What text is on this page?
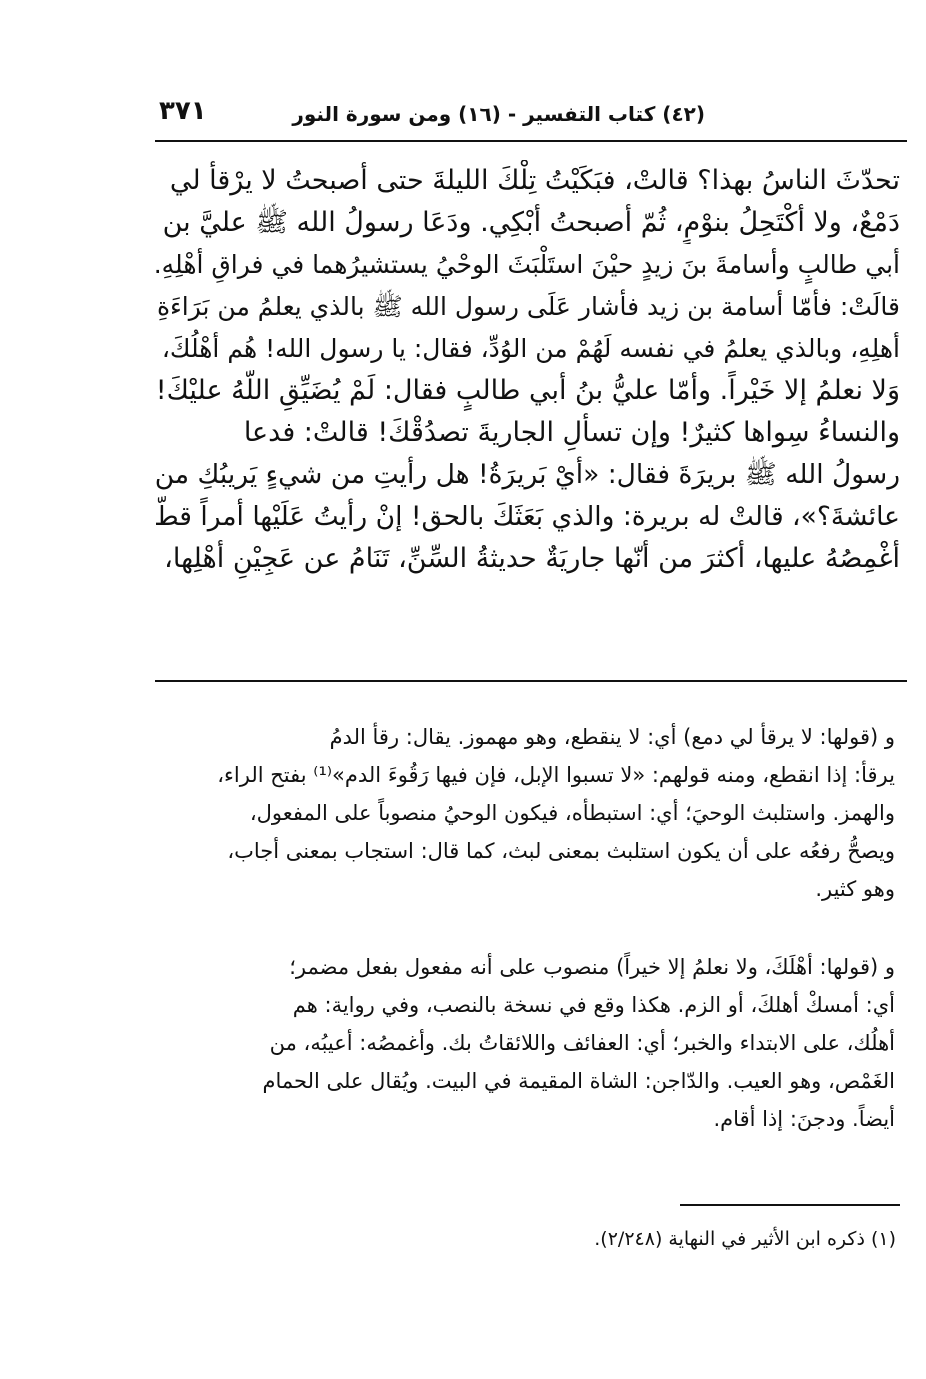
٣٧١	(٤٢) كتاب التفسير - (١٦) ومن سورة النور

تحدّثَ الناسُ بهذا؟ قالتْ، فبَكَيْتُ تِلْكَ الليلةَ حتى أصبحتُ لا يرْقأ لي

دَمْعٌ، ولا أكْتَحِلُ بنوْمٍ، ثُمّ أصبحتُ أبْكِي. ودَعَا رسولُ الله ﷺ عليَّ بن

أبي طالبٍ وأسامةَ بنَ زيدٍ حيْنَ استَلْبَثَ الوحْيُ يستشيرُهما في فراقِ أهْلِهِ.

قالَتْ: فأمّا أسامة بن زيد فأشار عَلَى رسول الله ﷺ بالذي يعلمُ من بَرَاءَةِ

أهلِهِ، وبالذي يعلمُ في نفسه لَهُمْ من الوُدِّ، فقال: يا رسول الله! هُم أهْلُكَ،

وَلا نعلمُ إلا خَيْراً. وأمّا عليُّ بنُ أبي طالبٍ فقال: لَمْ يُضَيِّقِ اللّهُ عليْكَ!

والنساءُ سِواها كثيرٌ! وإن تسألِ الجاريةَ تصدُقْكَ! قالتْ: فدعا

رسولُ الله ﷺ بريرَةَ فقال: «أيْ بَريرَةُ! هل رأيتِ من شيءٍ يَريبُكِ من

عائشةَ؟»، قالتْ له بريرة: والذي بَعَثَكَ بالحق! إنْ رأيتُ عَلَيْها أمراً قطُّ

أغْمِصُهُ عليها، أكثرَ من أنّها جاريَةٌ حديثةُ السِّنِّ، تَنَامُ عن عَجِيْنِ أهْلِها،

و (قولها: لا يرقأ لي دمع) أي: لا ينقطع، وهو مهموز. يقال: رقأ الدمُ

يرقأ: إذا انقطع، ومنه قولهم: «لا تسبوا الإبل، فإن فيها رَقُوءَ الدم»⁽¹⁾ بفتح الراء،

والهمز. واستلبث الوحيَ؛ أي: استبطأه، فيكون الوحيُ منصوباً على المفعول،

ويصحُّ رفعُه على أن يكون استلبث بمعنى لبث، كما قال: استجاب بمعنى أجاب،

وهو كثير.

و (قولها: أهْلَكَ، ولا نعلمُ إلا خيراً) منصوب على أنه مفعول بفعل مضمر؛

أي: أمسكْ أهلكَ، أو الزم. هكذا وقع في نسخة بالنصب، وفي رواية: هم

أهلُك، على الابتداء والخبر؛ أي: العفائف واللائقاتُ بك. وأغمصُه: أعيبُه، من

الغَمْص، وهو العيب. والدّاجن: الشاة المقيمة في البيت. ويُقال على الحمام

أيضاً. ودجنَ: إذا أقام.

(١) ذكره ابن الأثير في النهاية (٢/٢٤٨).
